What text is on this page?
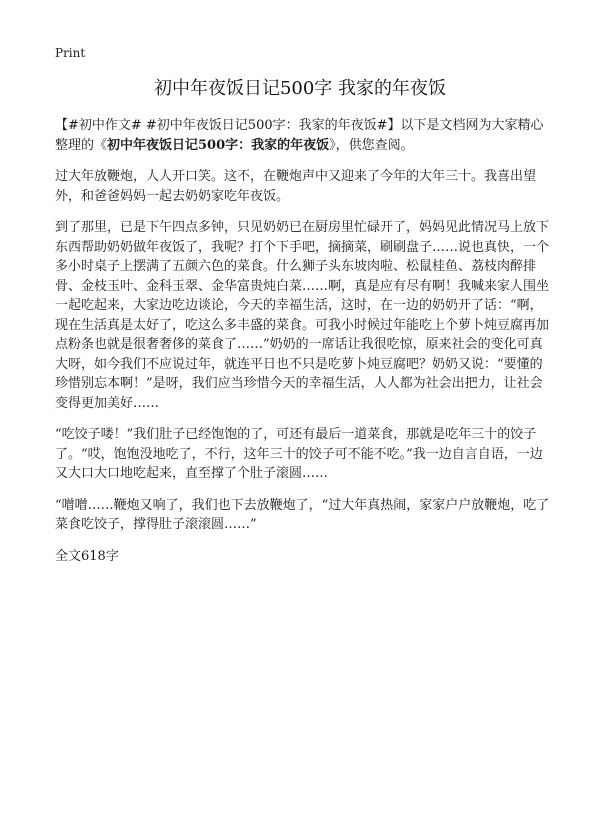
Print
初中年夜饭日记500字 我家的年夜饭

【#初中作文# #初中年夜饭日记500字：我家的年夜饭#】以下是文档网为大家精心整理的《初中年夜饭日记500字：我家的年夜饭》，供您查阅。

过大年放鞭炮，人人开口笑。这不，在鞭炮声中又迎来了今年的大年三十。我喜出望外，和爸爸妈妈一起去奶奶家吃年夜饭。

到了那里，已是下午四点多钟，只见奶奶已在厨房里忙碌开了，妈妈见此情况马上放下东西帮助奶奶做年夜饭了，我呢？打个下手吧，摘摘菜，刷刷盘子……说也真快，一个多小时桌子上摆满了五颜六色的菜食。什么狮子头东坡肉啦、松鼠桂鱼、荔枝肉醉排骨、金枝玉叶、金科玉翠、金华富贵炖白菜……啊，真是应有尽有啊！我喊来家人围坐一起吃起来，大家边吃边谈论，今天的幸福生活，这时，在一边的奶奶开了话：“啊，现在生活真是太好了，吃这么多丰盛的菜食。可我小时候过年能吃上个萝卜炖豆腐再加点粉条也就是很奢奢侈的菜食了……”奶奶的一席话让我很吃惊，原来社会的变化可真大呀，如今我们不应说过年，就连平日也不只是吃萝卜炖豆腐吧？奶奶又说：“要懂的珍惜别忘本啊！”是呀，我们应当珍惜今天的幸福生活，人人都为社会出把力，让社会变得更加美好……

“吃饺子喽！”我们肚子已经饱饱的了，可还有最后一道菜食，那就是吃年三十的饺子了。“哎，饱饱没地吃了，不行，这年三十的饺子可不能不吃。”我一边自言自语，一边又大口大口地吃起来，直至撑了个肚子滚圆……

“噌噌……鞭炮又响了，我们也下去放鞭炮了，“过大年真热闹，家家户户放鞭炮，吃了菜食吃饺子，撑得肚子滚滚圆……”

全文618字
